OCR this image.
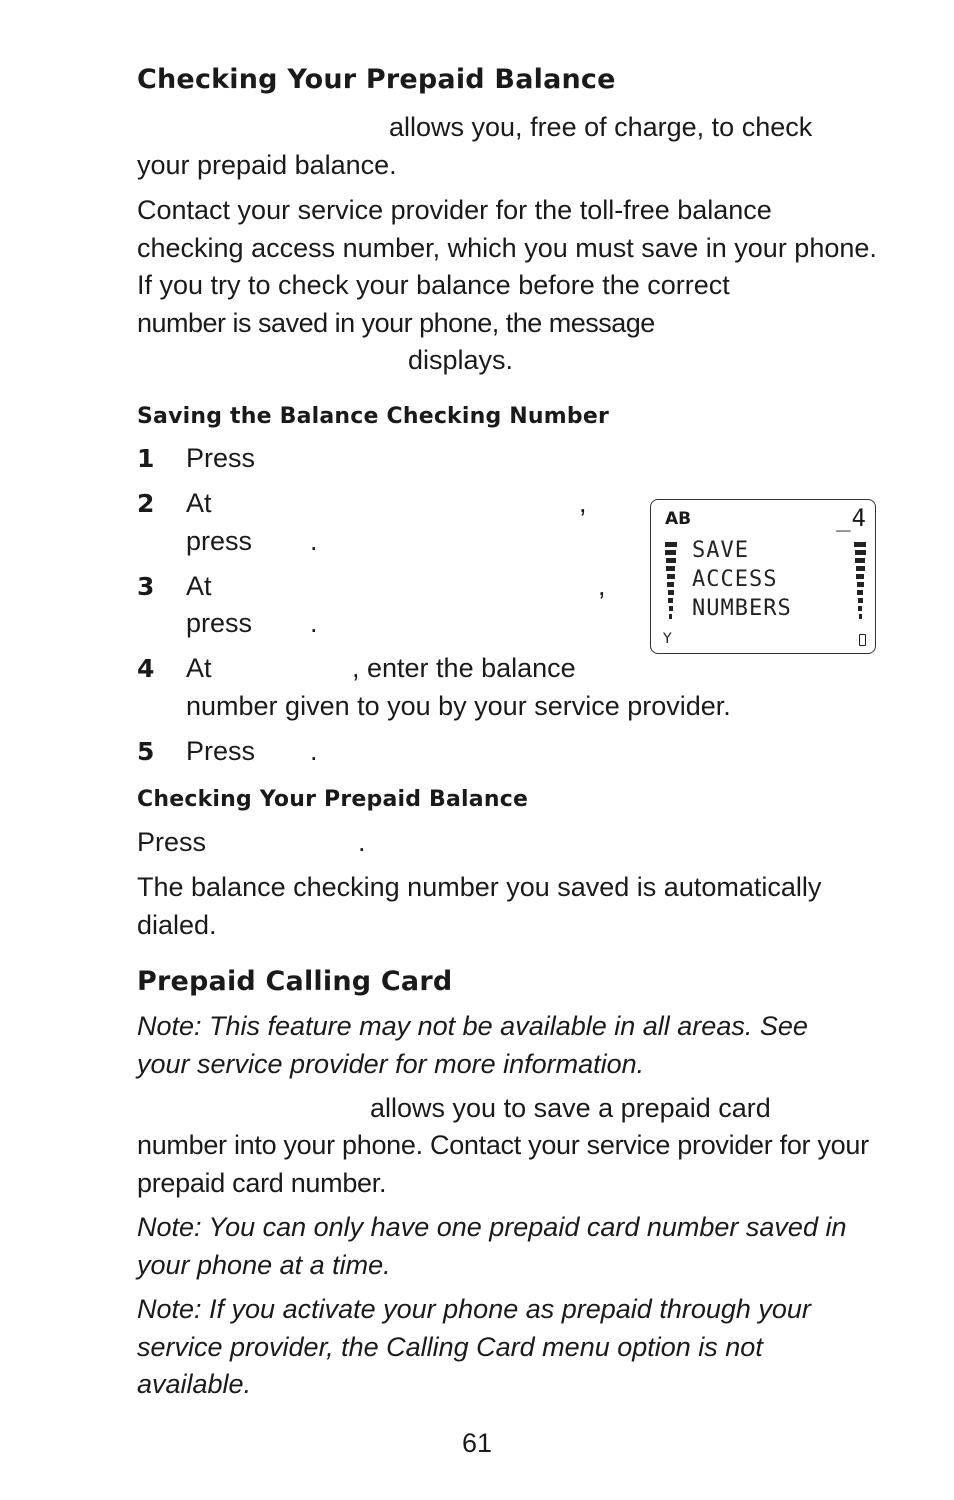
Checking Your Prepaid Balance
allows you, free of charge, to check
your prepaid balance.
Contact your service provider for the toll-free balance checking access number, which you must save in your phone. If you try to check your balance before the correct
number is saved in your phone, the message
displays.
Saving the Balance Checking Number
1 Press
2 At	,
press .
3 At	,
press .
4 At	, enter the balance
number given to you by your service provider.
5 Press .
Checking Your Prepaid Balance
Press	.
The balance checking number you saved is automatically dialed.
Prepaid Calling Card
Note: This feature may not be available in all areas. See your service provider for more information.
allows you to save a prepaid card
number into your phone. Contact your service provider for your prepaid card number.
Note: You can only have one prepaid card number saved in your phone at a time.
Note: If you activate your phone as prepaid through your service provider, the Calling Card menu option is not available.
AB	_4
SAVE
ACCESS
NUMBERS
Y
61
